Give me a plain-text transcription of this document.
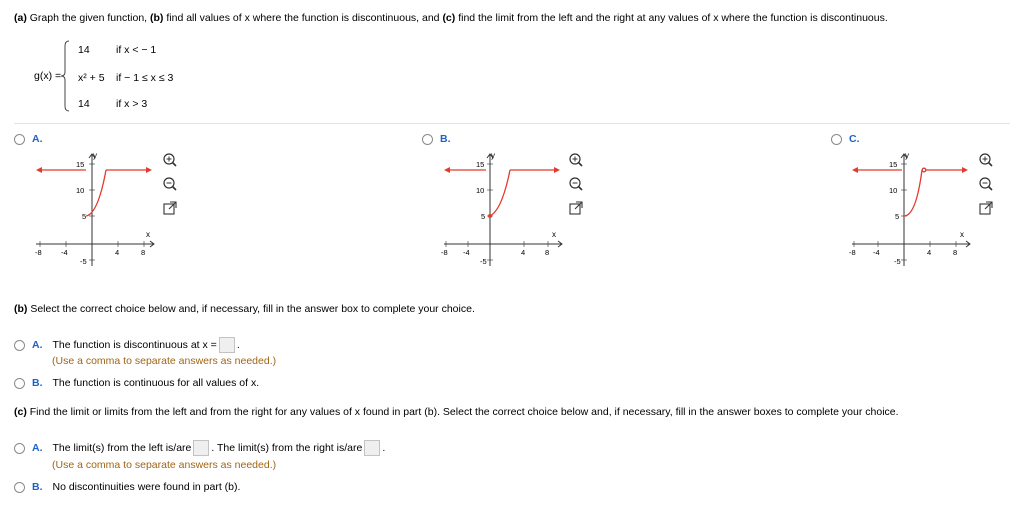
(a) Graph the given function, (b) find all values of x where the function is discontinuous, and (c) find the limit from the left and the right at any values of x where the function is discontinuous.
g(x) =
14	if x < − 1
x² + 5 if − 1 ≤ x ≤ 3
14	if x > 3
A.
y
x
15
10
5
-5
-8	-4	4	8
B.
y
x
15
10
5
-5
-8 -4	4	8
C.
y
x
15
10
5
-5
-8 -4	4	8
(b) Select the correct choice below and, if necessary, fill in the answer box to complete your choice.
A. The function is discontinuous at x = .
(Use a comma to separate answers as needed.)
B. The function is continuous for all values of x.
(c) Find the limit or limits from the left and from the right for any values of x found in part (b). Select the correct choice below and, if necessary, fill in the answer boxes to complete your choice.
A. The limit(s) from the left is/are . The limit(s) from the right is/are .
(Use a comma to separate answers as needed.)
B. No discontinuities were found in part (b).
